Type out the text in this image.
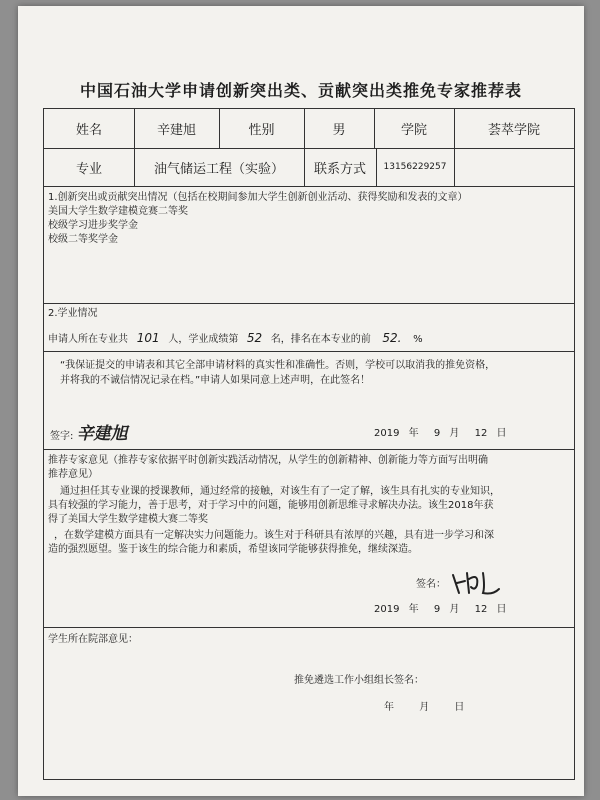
中国石油大学申请创新突出类、贡献突出类推免专家推荐表
姓名	辛建旭	性别	男	学院	荟萃学院
专业	油气储运工程（实验）	联系方式	13156229257
1.创新突出或贡献突出情况（包括在校期间参加大学生创新创业活动、获得奖励和发表的文章）
美国大学生数学建模竞赛二等奖
校级学习进步奖学金
校级二等奖学金
2.学业情况
申请人所在专业共 101 人，学业成绩第 52 名，排名在本专业的前 52. %
“我保证提交的申请表和其它全部申请材料的真实性和准确性。否则，学校可以取消我的推免资格，
并将我的不诚信情况记录在档。”申请人如果同意上述声明，在此签名！
签字: 辛建旭	2019 年 9 月 12 日
推荐专家意见（推荐专家依据平时创新实践活动情况，从学生的创新精神、创新能力等方面写出明确
推荐意见）
通过担任其专业课的授课教师，通过经常的接触，对该生有了一定了解，该生具有扎实的专业知识，
具有较强的学习能力，善于思考，对于学习中的问题，能够用创新思维寻求解决办法。该生2018年获
得了美国大学生数学建模大赛二等奖
，在数学建模方面具有一定解决实力问题能力。该生对于科研具有浓厚的兴趣，具有进一步学习和深
造的强烈愿望。鉴于该生的综合能力和素质，希望该同学能够获得推免，继续深造。
签名：
2019 年 9 月 12 日
学生所在院部意见：
推免遴选工作小组组长签名：
年	月	日
